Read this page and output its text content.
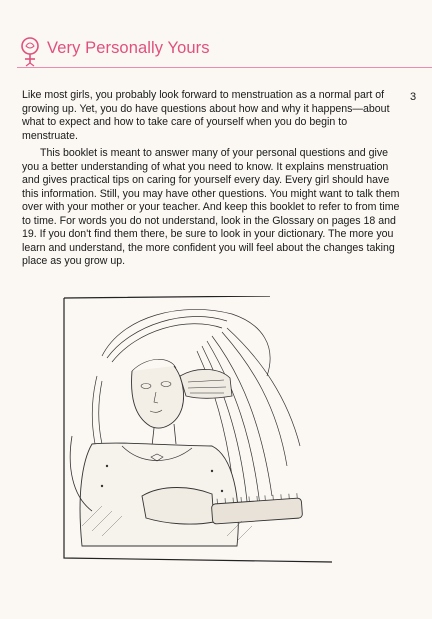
Very Personally Yours
3

Like most girls, you probably look forward to menstruation as a normal part of growing up. Yet, you do have questions about how and why it happens—about what to expect and how to take care of yourself when you do begin to menstruate.

This booklet is meant to answer many of your personal questions and give you a better understanding of what you need to know. It explains menstruation and gives practical tips on caring for yourself every day. Every girl should have this information. Still, you may have other questions. You might want to talk them over with your mother or your teacher. And keep this booklet to refer to from time to time. For words you do not understand, look in the Glossary on pages 18 and 19. If you don't find them there, be sure to look in your dictionary. The more you learn and understand, the more confident you will feel about the changes taking place as you grow up.
